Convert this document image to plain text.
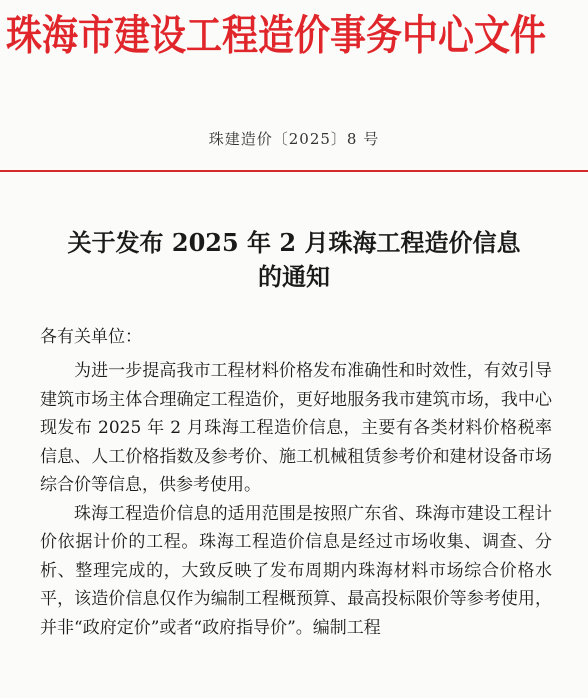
珠海市建设工程造价事务中心文件
珠建造价〔2025〕8 号
关于发布 2025 年 2 月珠海工程造价信息
的通知
各有关单位：

为进一步提高我市工程材料价格发布准确性和时效性，有效引导建筑市场主体合理确定工程造价，更好地服务我市建筑市场，我中心现发布 2025 年 2 月珠海工程造价信息，主要有各类材料价格税率信息、人工价格指数及参考价、施工机械租赁参考价和建材设备市场综合价等信息，供参考使用。

珠海工程造价信息的适用范围是按照广东省、珠海市建设工程计价依据计价的工程。珠海工程造价信息是经过市场收集、调查、分析、整理完成的，大致反映了发布周期内珠海材料市场综合价格水平，该造价信息仅作为编制工程概预算、最高投标限价等参考使用，并非“政府定价”或者“政府指导价”。编制工程
